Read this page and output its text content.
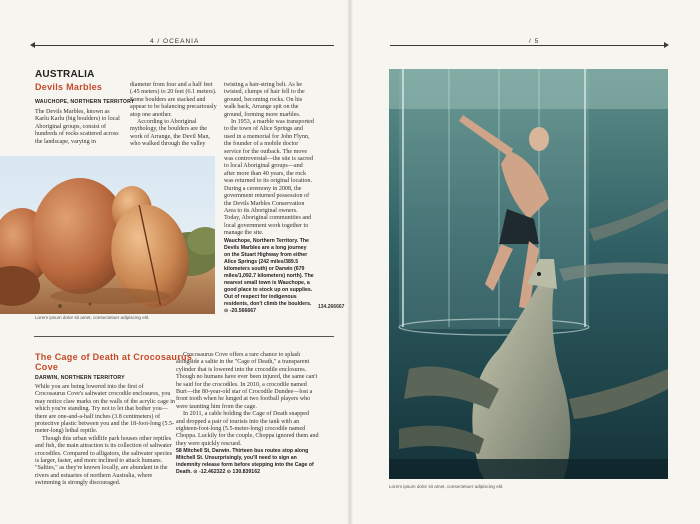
4 / OCEANIA	/ 5
AUSTRALIA
Devils Marbles
WAUCHOPE, NORTHERN TERRITORY

The Devils Marbles, known as Karlu Karlu (big boulders) to local Aboriginal groups, consist of hundreds of rocks scattered across the landscape, varying in

diameter from four and a half feet (.45 meters) to 20 feet (6.1 meters). Some boulders are stacked and appear to be balancing precariously atop one another.

According to Aboriginal mythology, the boulders are the work of Arrange, the Devil Man, who walked through the valley

twisting a hair-string belt. As he twisted, clumps of hair fell to the ground, becoming rocks. On his walk back, Arrange spit on the ground, forming more marbles.

In 1953, a marble was transported to the town of Alice Springs and used in a memorial for John Flynn, the founder of a mobile doctor service for the outback. The move was controversial—the site is sacred to local Aboriginal groups—and after more than 40 years, the rock was returned to its original location. During a ceremony in 2008, the government returned possession of the Devils Marbles Conservation Area to its Aboriginal owners. Today, Aboriginal communities and local government work together to manage the site.

Wauchope, Northern Territory. The Devils Marbles are a long journey on the Stuart Highway from either Alice Springs (242 miles/389.5 kilometers south) or Darwin (679 miles/1,092.7 kilometers) north). The nearest small town is Wauchope, a good place to stock up on supplies. Out of respect for indigenous residents, don't climb the boulders. ⊙ -20.566667

134.266667
Lorem ipsum dolor sit amet, consectetuer adipiscing elit.
The Cage of Death at Crocosaurus
Cove
DARWIN, NORTHERN TERRITORY

While you are being lowered into the first of Crocosaurus Cove's saltwater crocodile enclosures, you may notice claw marks on the walls of the acrylic cage in which you're standing. Try not to let that bother you—there are one-and-a-half inches (3.8 centimeters) of protective plastic between you and the 18-foot-long (5.5-meter-long) lethal reptile.

Though this urban wildlife park houses other reptiles and fish, the main attraction is its collection of saltwater crocodiles. Compared to alligators, the saltwater species is larger, faster, and more inclined to attack humans. "Salties," as they're known locally, are abundant in the rivers and estuaries of northern Australia, where swimming is strongly discouraged.

Crocosaurus Cove offers a rare chance to splash alongside a saltie in the "Cage of Death," a transparent cylinder that is lowered into the crocodile enclosures. Though no humans have ever been injured, the same can't be said for the crocodiles. In 2010, a crocodile named Burt—the 80-year-old star of Crocodile Dundee—lost a front tooth when he lunged at two football players who were taunting him from the cage.

In 2011, a cable holding the Cage of Death snapped and dropped a pair of tourists into the tank with an eighteen-foot-long (5.5-meter-long) crocodile named Choppa. Luckily for the couple, Choppa ignored them and they were quickly rescued.

58 Mitchell St, Darwin. Thirteen bus routes stop along Mitchell St. Unsurprisingly, you'll need to sign an indemnity release form before stepping into the Cage of Death. ⊙ -12.462322 ⊙ 130.839162

Lorem ipsum dolor sit amet, consectetuer adipiscing elit.
